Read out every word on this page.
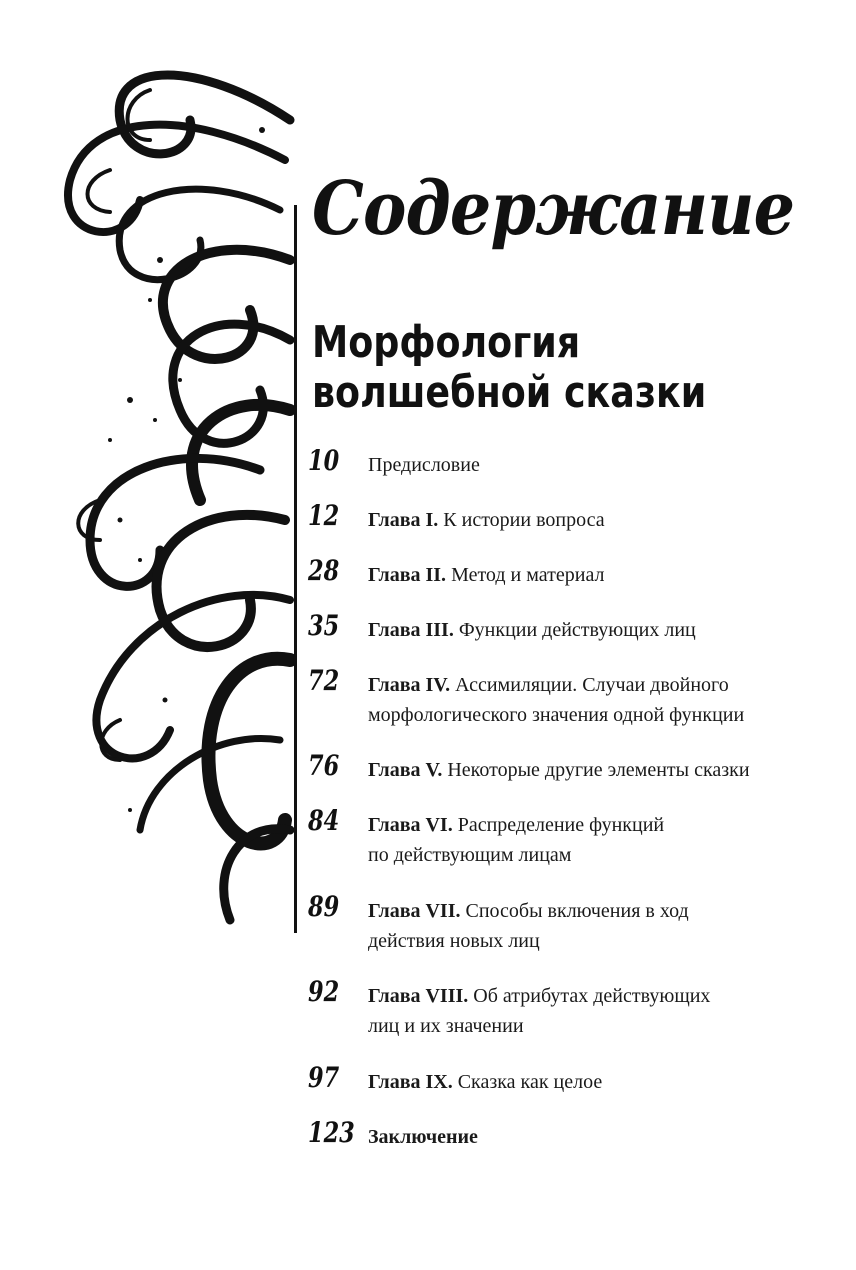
Содержание
Морфология
волшебной сказки
10 Предисловие
12 Глава I. К истории вопроса
28 Глава II. Метод и материал
35 Глава III. Функции действующих лиц
72 Глава IV. Ассимиляции. Случаи двойного
морфологического значения одной функции
76 Глава V. Некоторые другие элементы сказки
84 Глава VI. Распределение функций
по действующим лицам
89 Глава VII. Способы включения в ход
действия новых лиц
92 Глава VIII. Об атрибутах действующих
лиц и их значении
97 Глава IX. Сказка как целое
123 Заключение
